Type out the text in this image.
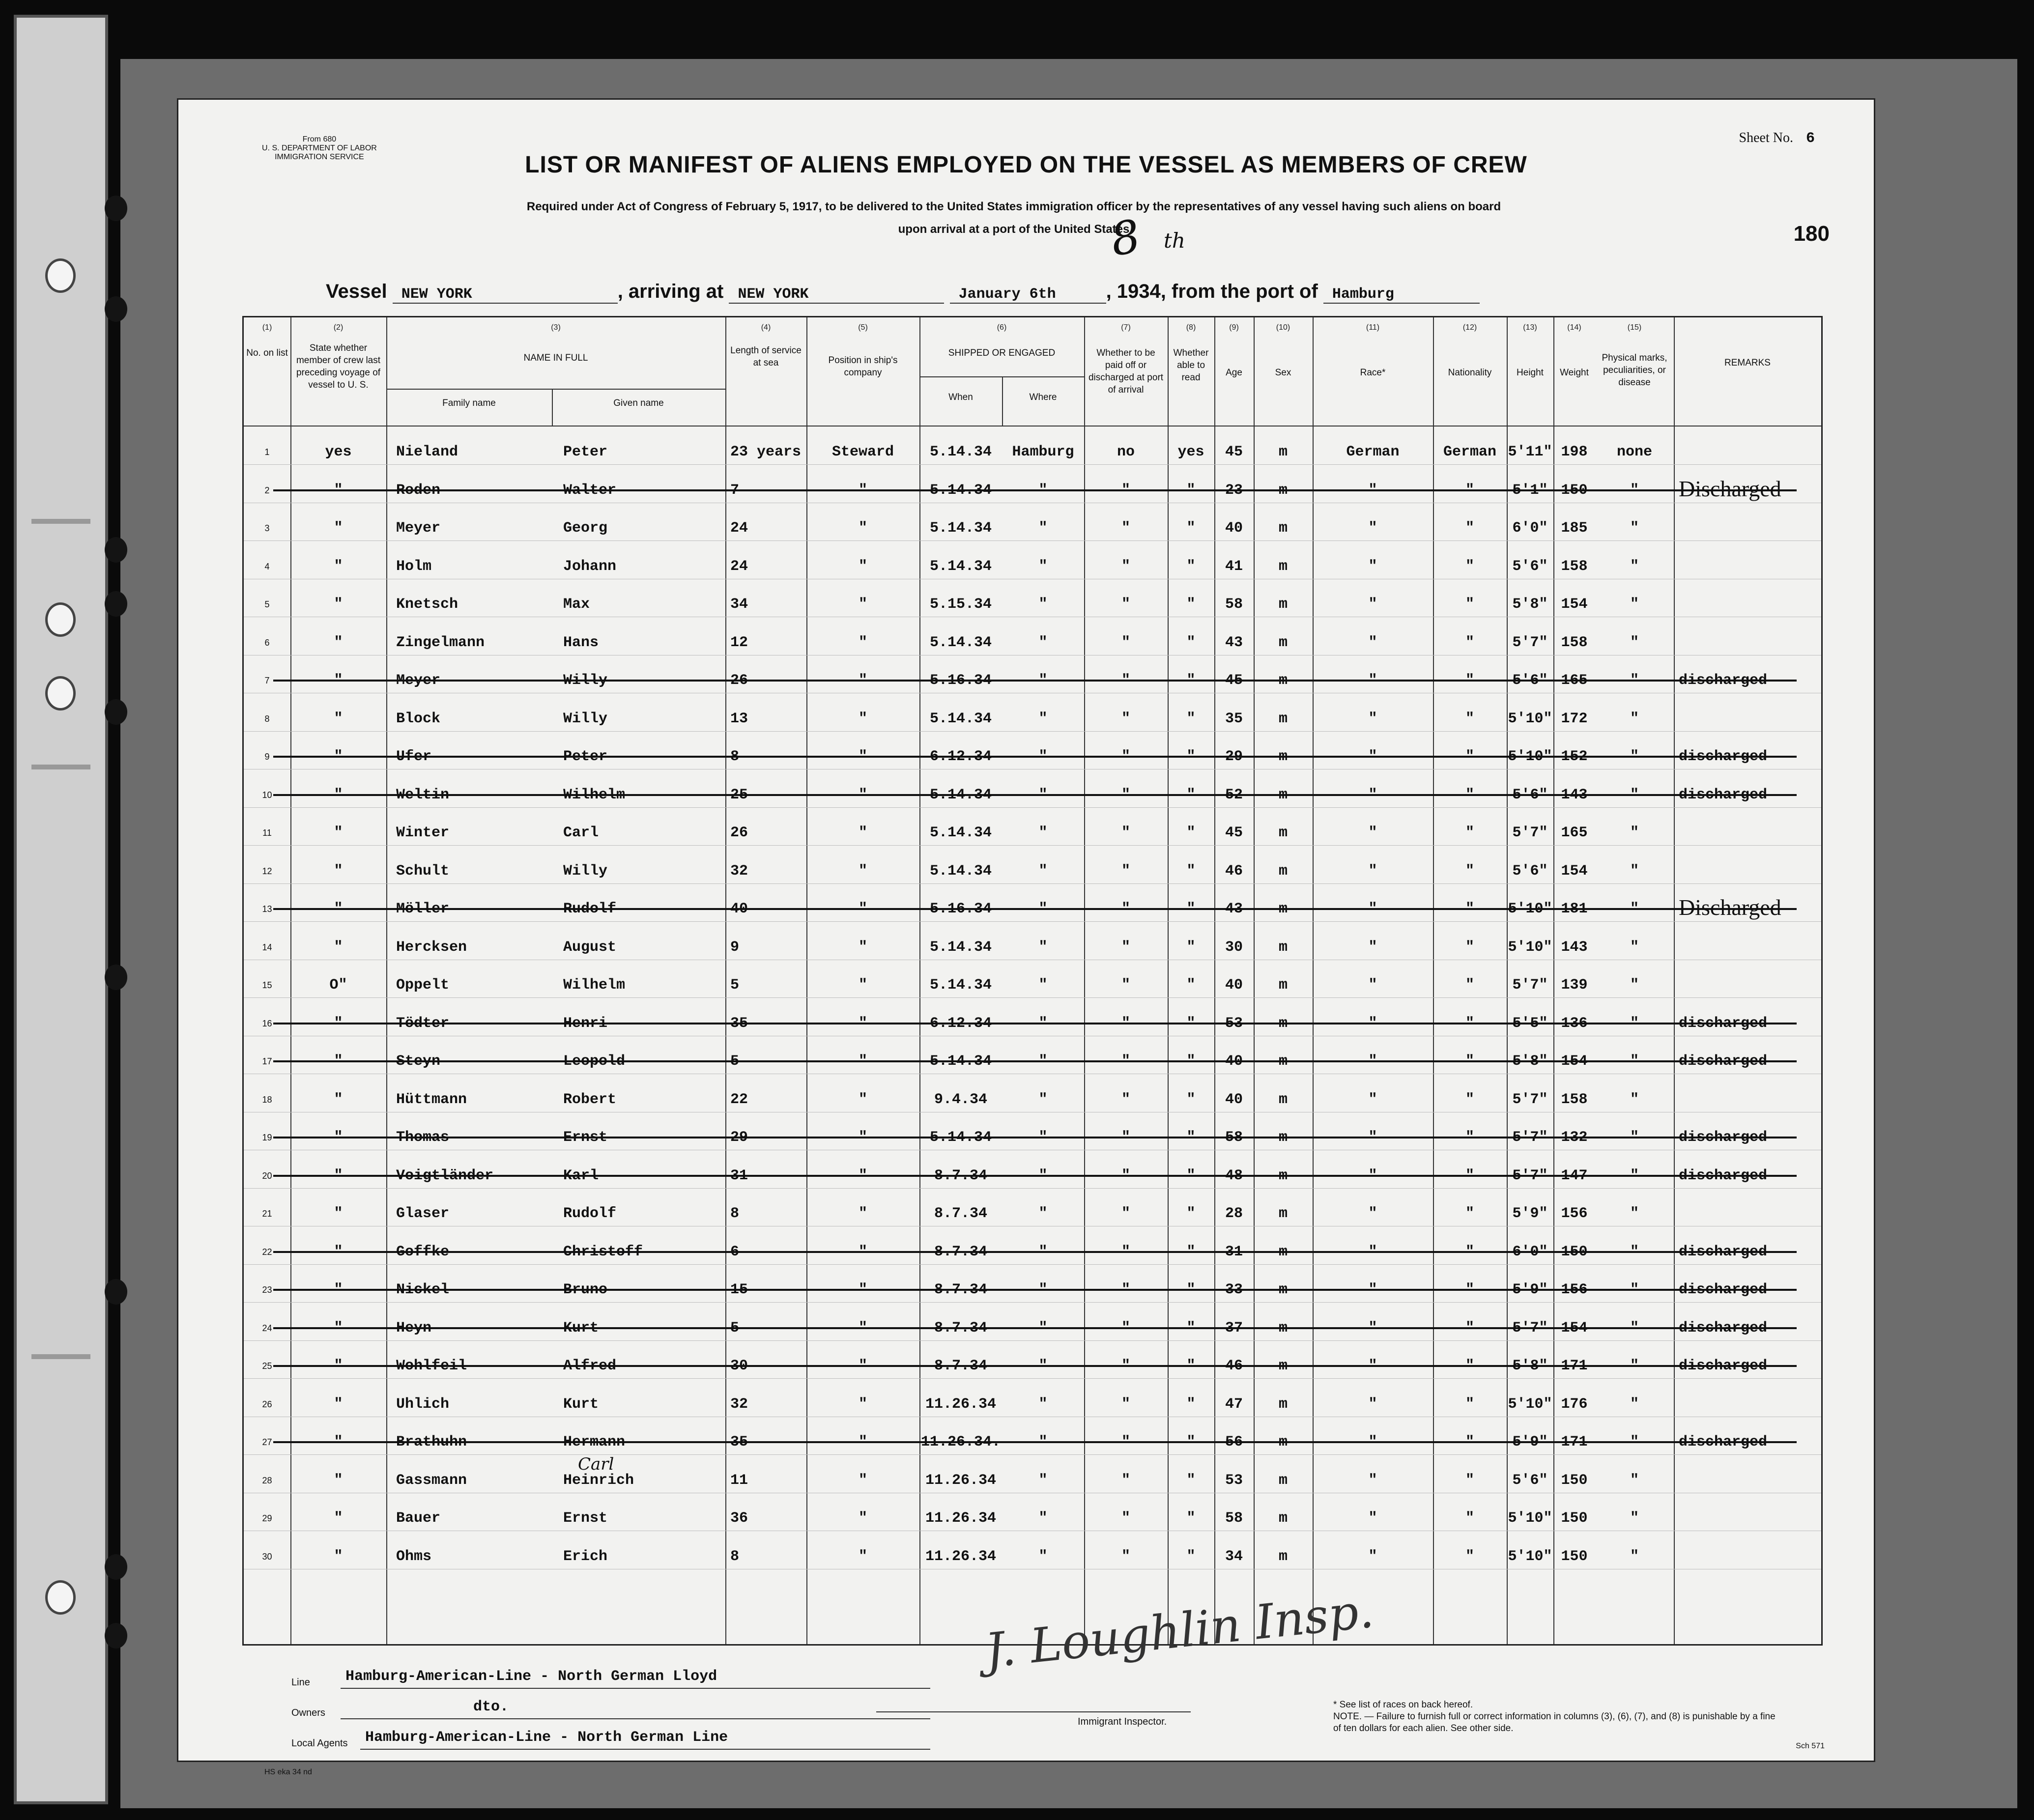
From 680
U. S. DEPARTMENT OF LABOR
IMMIGRATION SERVICE
Sheet No. 6
180
LIST OR MANIFEST OF ALIENS EMPLOYED ON THE VESSEL AS MEMBERS OF CREW
Required under Act of Congress of February 5, 1917, to be delivered to the United States immigration officer by the representatives of any vessel having such aliens on board
upon arrival at a port of the United States
Vessel NEW YORK	, arriving at NEW YORK	January 6th	, 1934, from the port of Hamburg
8 th
(1)	(2)	(3)	(4)	(5)	(6)	(7)	(8)	(9)	(10)	(11)	(12)	(13)	(14)	(15)
No. on list	State whether member of crew last preceding voyage of vessel to U. S.
NAME IN FULL
Family name	Given name
Length of service at sea	Position in ship's company
SHIPPED OR ENGAGED
When	Where
Whether to be paid off or discharged at port of arrival
Whether able to read	Age	Sex	Race*	Nationality	Height	Weight
Physical marks, peculiarities, or disease
REMARKS
1	yes	Nieland	Peter	23 years	Steward	5.14.34	Hamburg	no	yes	45	m	German	German 5'11" 198	none
2	"	Roden	Walter	7	"	5.14.34	"	"	"	23	m	"	"	5'1" 150	"	Discharged
3	"	Meyer	Georg	24	"	5.14.34	"	"	"	40	m	"	"	6'0" 185	"
4	"	Holm	Johann	24	"	5.14.34	"	"	"	41	m	"	"	5'6" 158	"
5	"	Knetsch	Max	34	"	5.15.34	"	"	"	58	m	"	"	5'8" 154	"
6	"	Zingelmann	Hans	12	"	5.14.34	"	"	"	43	m	"	"	5'7" 158	"
7	"	Meyer	Willy	26	"	5.16.34	"	"	"	45	m	"	"	5'6" 165	"	discharged
8	"	Block	Willy	13	"	5.14.34	"	"	"	35	m	"	"	5'10" 172	"
9	"	Ufer	Peter	8	"	6.12.34	"	"	"	29	m	"	"	5'10" 152	"	discharged
10	"	Weltin	Wilhelm	25	"	5.14.34	"	"	"	52	m	"	"	5'6" 143	"	discharged
11	"	Winter	Carl	26	"	5.14.34	"	"	"	45	m	"	"	5'7" 165	"
12	"	Schult	Willy	32	"	5.14.34	"	"	"	46	m	"	"	5'6" 154	"
13	"	Möller	Rudolf	40	"	5.16.34	"	"	"	43	m	"	"	5'10" 181	"	Discharged
14	"	Hercksen	August	9	"	5.14.34	"	"	"	30	m	"	"	5'10" 143	"
15	O"	Oppelt	Wilhelm	5	"	5.14.34	"	"	"	40	m	"	"	5'7" 139	"
16	"	Tödter	Henri	35	"	6.12.34	"	"	"	53	m	"	"	5'5" 136	"	discharged
17	"	Steyn	Leopold	5	"	5.14.34	"	"	"	40	m	"	"	5'8" 154	"	discharged
18	"	Hüttmann	Robert	22	"	9.4.34	"	"	"	40	m	"	"	5'7" 158	"
19	"	Thomas	Ernst	29	"	5.14.34	"	"	"	58	m	"	"	5'7" 132	"	discharged
20	"	Voigtländer	Karl	31	"	8.7.34	"	"	"	48	m	"	"	5'7" 147	"	discharged
21	"	Glaser	Rudolf	8	"	8.7.34	"	"	"	28	m	"	"	5'9" 156	"
22	"	Goffke	Christoff	6	"	8.7.34	"	"	"	31	m	"	"	6'0" 150	"	discharged
23	"	Nickel	Bruno	15	"	8.7.34	"	"	"	33	m	"	"	5'9" 156	"	discharged
24	"	Heyn	Kurt	5	"	8.7.34	"	"	"	37	m	"	"	5'7" 154	"	discharged
25	"	Wohlfeil	Alfred	30	"	8.7.34	"	"	"	46	m	"	"	5'8" 171	"	discharged
26	"	Uhlich	Kurt	32	"	11.26.34	"	"	"	47	m	"	"	5'10" 176	"
27	"	Brathuhn	Hermann	35	"	11.26.34.	"	"	"	56	m	"	"	5'9" 171	"	discharged
28	"	Gassmann	Heinrich	11	"	11.26.34	"	"	"	53	m	"	"	5'6" 150	"
Carl
29	"	Bauer	Ernst	36	"	11.26.34	"	"	"	58	m	"	"	5'10" 150	"
30	"	Ohms	Erich	8	"	11.26.34	"	"	"	34	m	"	"	5'10" 150	"
J. Loughlin Insp.
Line Hamburg-American-Line - North German Lloyd
Owners	dto.
Local Agents Hamburg-American-Line - North German Line
Immigrant Inspector.
* See list of races on back hereof.
NOTE. — Failure to furnish full or correct information in columns (3), (6), (7), and (8) is punishable by a fine of ten dollars for each alien. See other side.
Sch 571
HS eka 34 nd
